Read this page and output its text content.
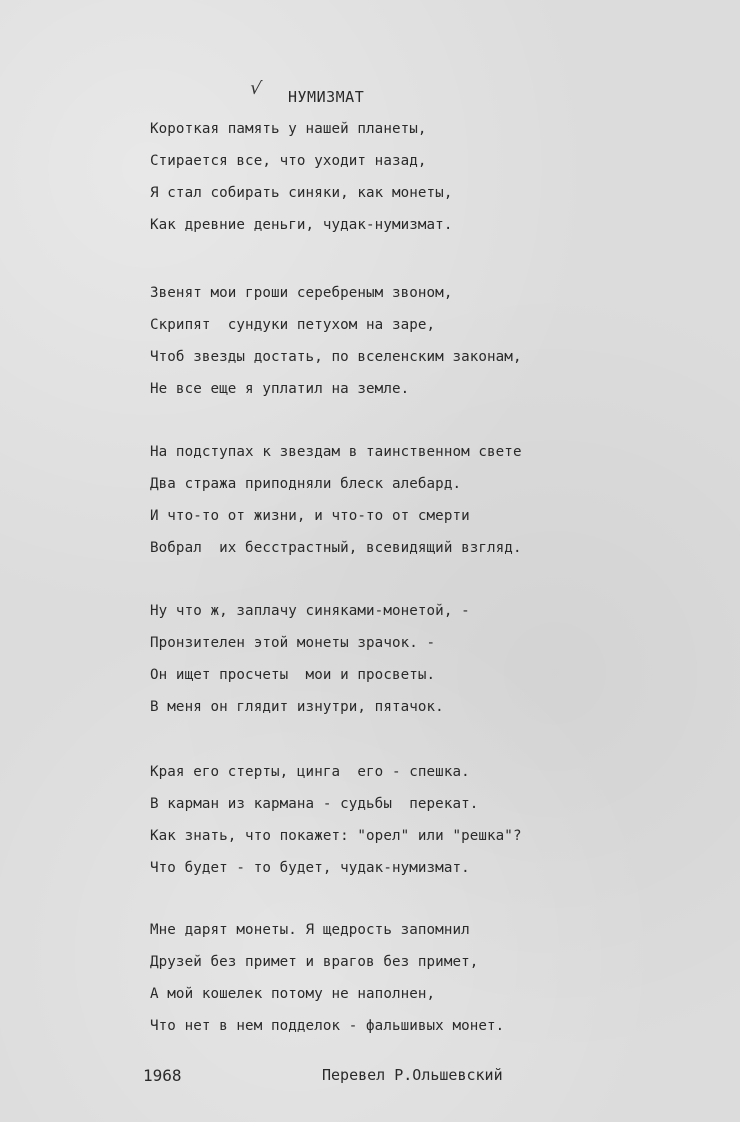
√ НУМИЗМАТ
Короткая память у нашей планеты,
Стирается все, что уходит назад,
Я стал собирать синяки, как монеты,
Как древние деньги, чудак-нумизмат.
Звенят мои гроши серебреным звоном,
Скрипят  сундуки петухом на заре,
Чтоб звезды достать, по вселенским законам,
Не все еще я уплатил на земле.
На подступах к звездам в таинственном свете
Два стража приподняли блеск алебард.
И что-то от жизни, и что-то от смерти
Вобрал  их бесстрастный, всевидящий взгляд.
Ну что ж, заплачу синяками-монетой, -
Пронзителен этой монеты зрачок. -
Он ищет просчеты  мои и просветы.
В меня он глядит изнутри, пятачок.
Края его стерты, цинга  его - спешка.
В карман из кармана - судьбы  перекат.
Как знать, что покажет: "орел" или "решка"?
Что будет - то будет, чудак-нумизмат.
Мне дарят монеты. Я щедрость запомнил
Друзей без примет и врагов без примет,
А мой кошелек потому не наполнен,
Что нет в нем подделок - фальшивых монет.
1968	Перевел Р.Ольшевский
